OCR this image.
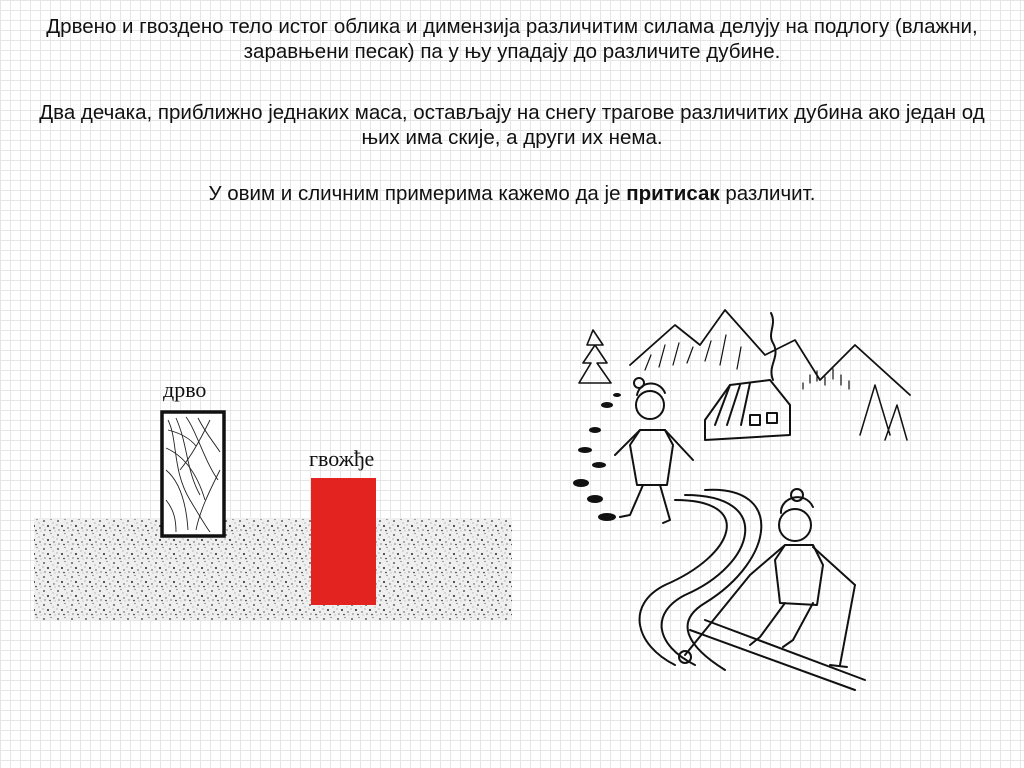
Дрвено и гвоздено тело истог облика и димензија различитим силама делују на подлогу (влажни, заравњени песак) па у њу упадају до различите дубине.
Два дечака, приближно једнаких маса, остављају на снегу трагове различитих дубина ако један од њих има скије, а други их нема.
У овим и сличним примерима кажемо да је притисак различит.
дрво
гвожђе
